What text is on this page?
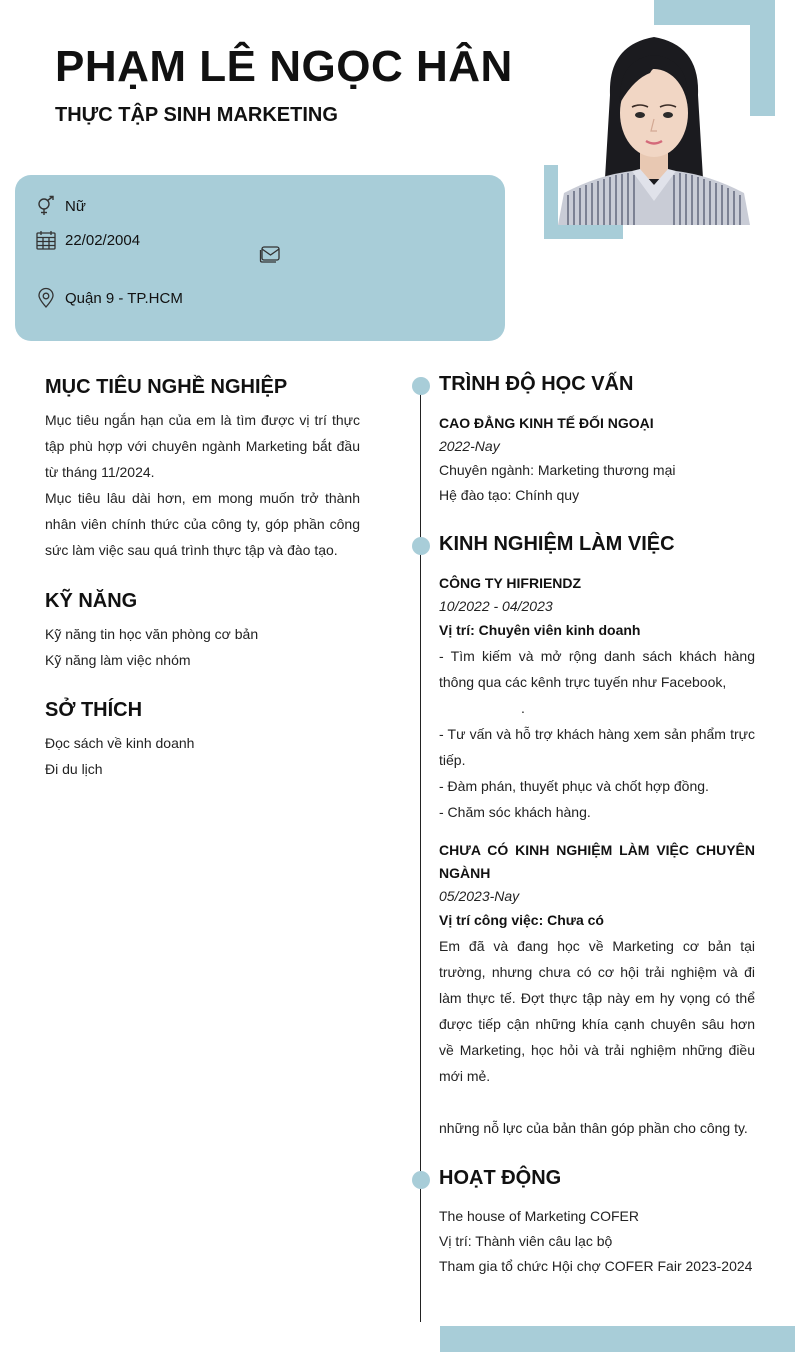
PHẠM LÊ NGỌC HÂN
THỰC TẬP SINH MARKETING
Nữ
22/02/2004
Quận 9 - TP.HCM
MỤC TIÊU NGHỀ NGHIỆP
Mục tiêu ngắn hạn của em là tìm được vị trí thực tập phù hợp với chuyên ngành Marketing bắt đầu từ tháng 11/2024.
Mục tiêu lâu dài hơn, em mong muốn trở thành nhân viên chính thức của công ty, góp phần công sức làm việc sau quá trình thực tập và đào tạo.
KỸ NĂNG
Kỹ năng tin học văn phòng cơ bản
Kỹ năng làm việc nhóm
SỞ THÍCH
Đọc sách về kinh doanh
Đi du lịch
TRÌNH ĐỘ HỌC VẤN
CAO ĐẲNG KINH TẾ ĐỐI NGOẠI
2022-Nay
Chuyên ngành: Marketing thương mại
Hệ đào tạo: Chính quy
KINH NGHIỆM LÀM VIỆC
CÔNG TY HIFRIENDZ
10/2022 - 04/2023
Vị trí: Chuyên viên kinh doanh
- Tìm kiếm và mở rộng danh sách khách hàng thông qua các kênh trực tuyến như Facebook,
.
- Tư vấn và hỗ trợ khách hàng xem sản phẩm trực tiếp.
- Đàm phán, thuyết phục và chốt hợp đồng.
- Chăm sóc khách hàng.
CHƯA CÓ KINH NGHIỆM LÀM VIỆC CHUYÊN NGÀNH
05/2023-Nay
Vị trí công việc: Chưa có
Em đã và đang học về Marketing cơ bản tại trường, nhưng chưa có cơ hội trải nghiệm và đi làm thực tế. Đợt thực tập này em hy vọng có thể được tiếp cận những khía cạnh chuyên sâu hơn về Marketing, học hỏi và trải nghiệm những điều mới mẻ.
những nỗ lực của bản thân góp phần cho công ty.
HOẠT ĐỘNG
The house of Marketing COFER
Vị trí: Thành viên câu lạc bộ
Tham gia tổ chức Hội chợ COFER Fair 2023-2024
